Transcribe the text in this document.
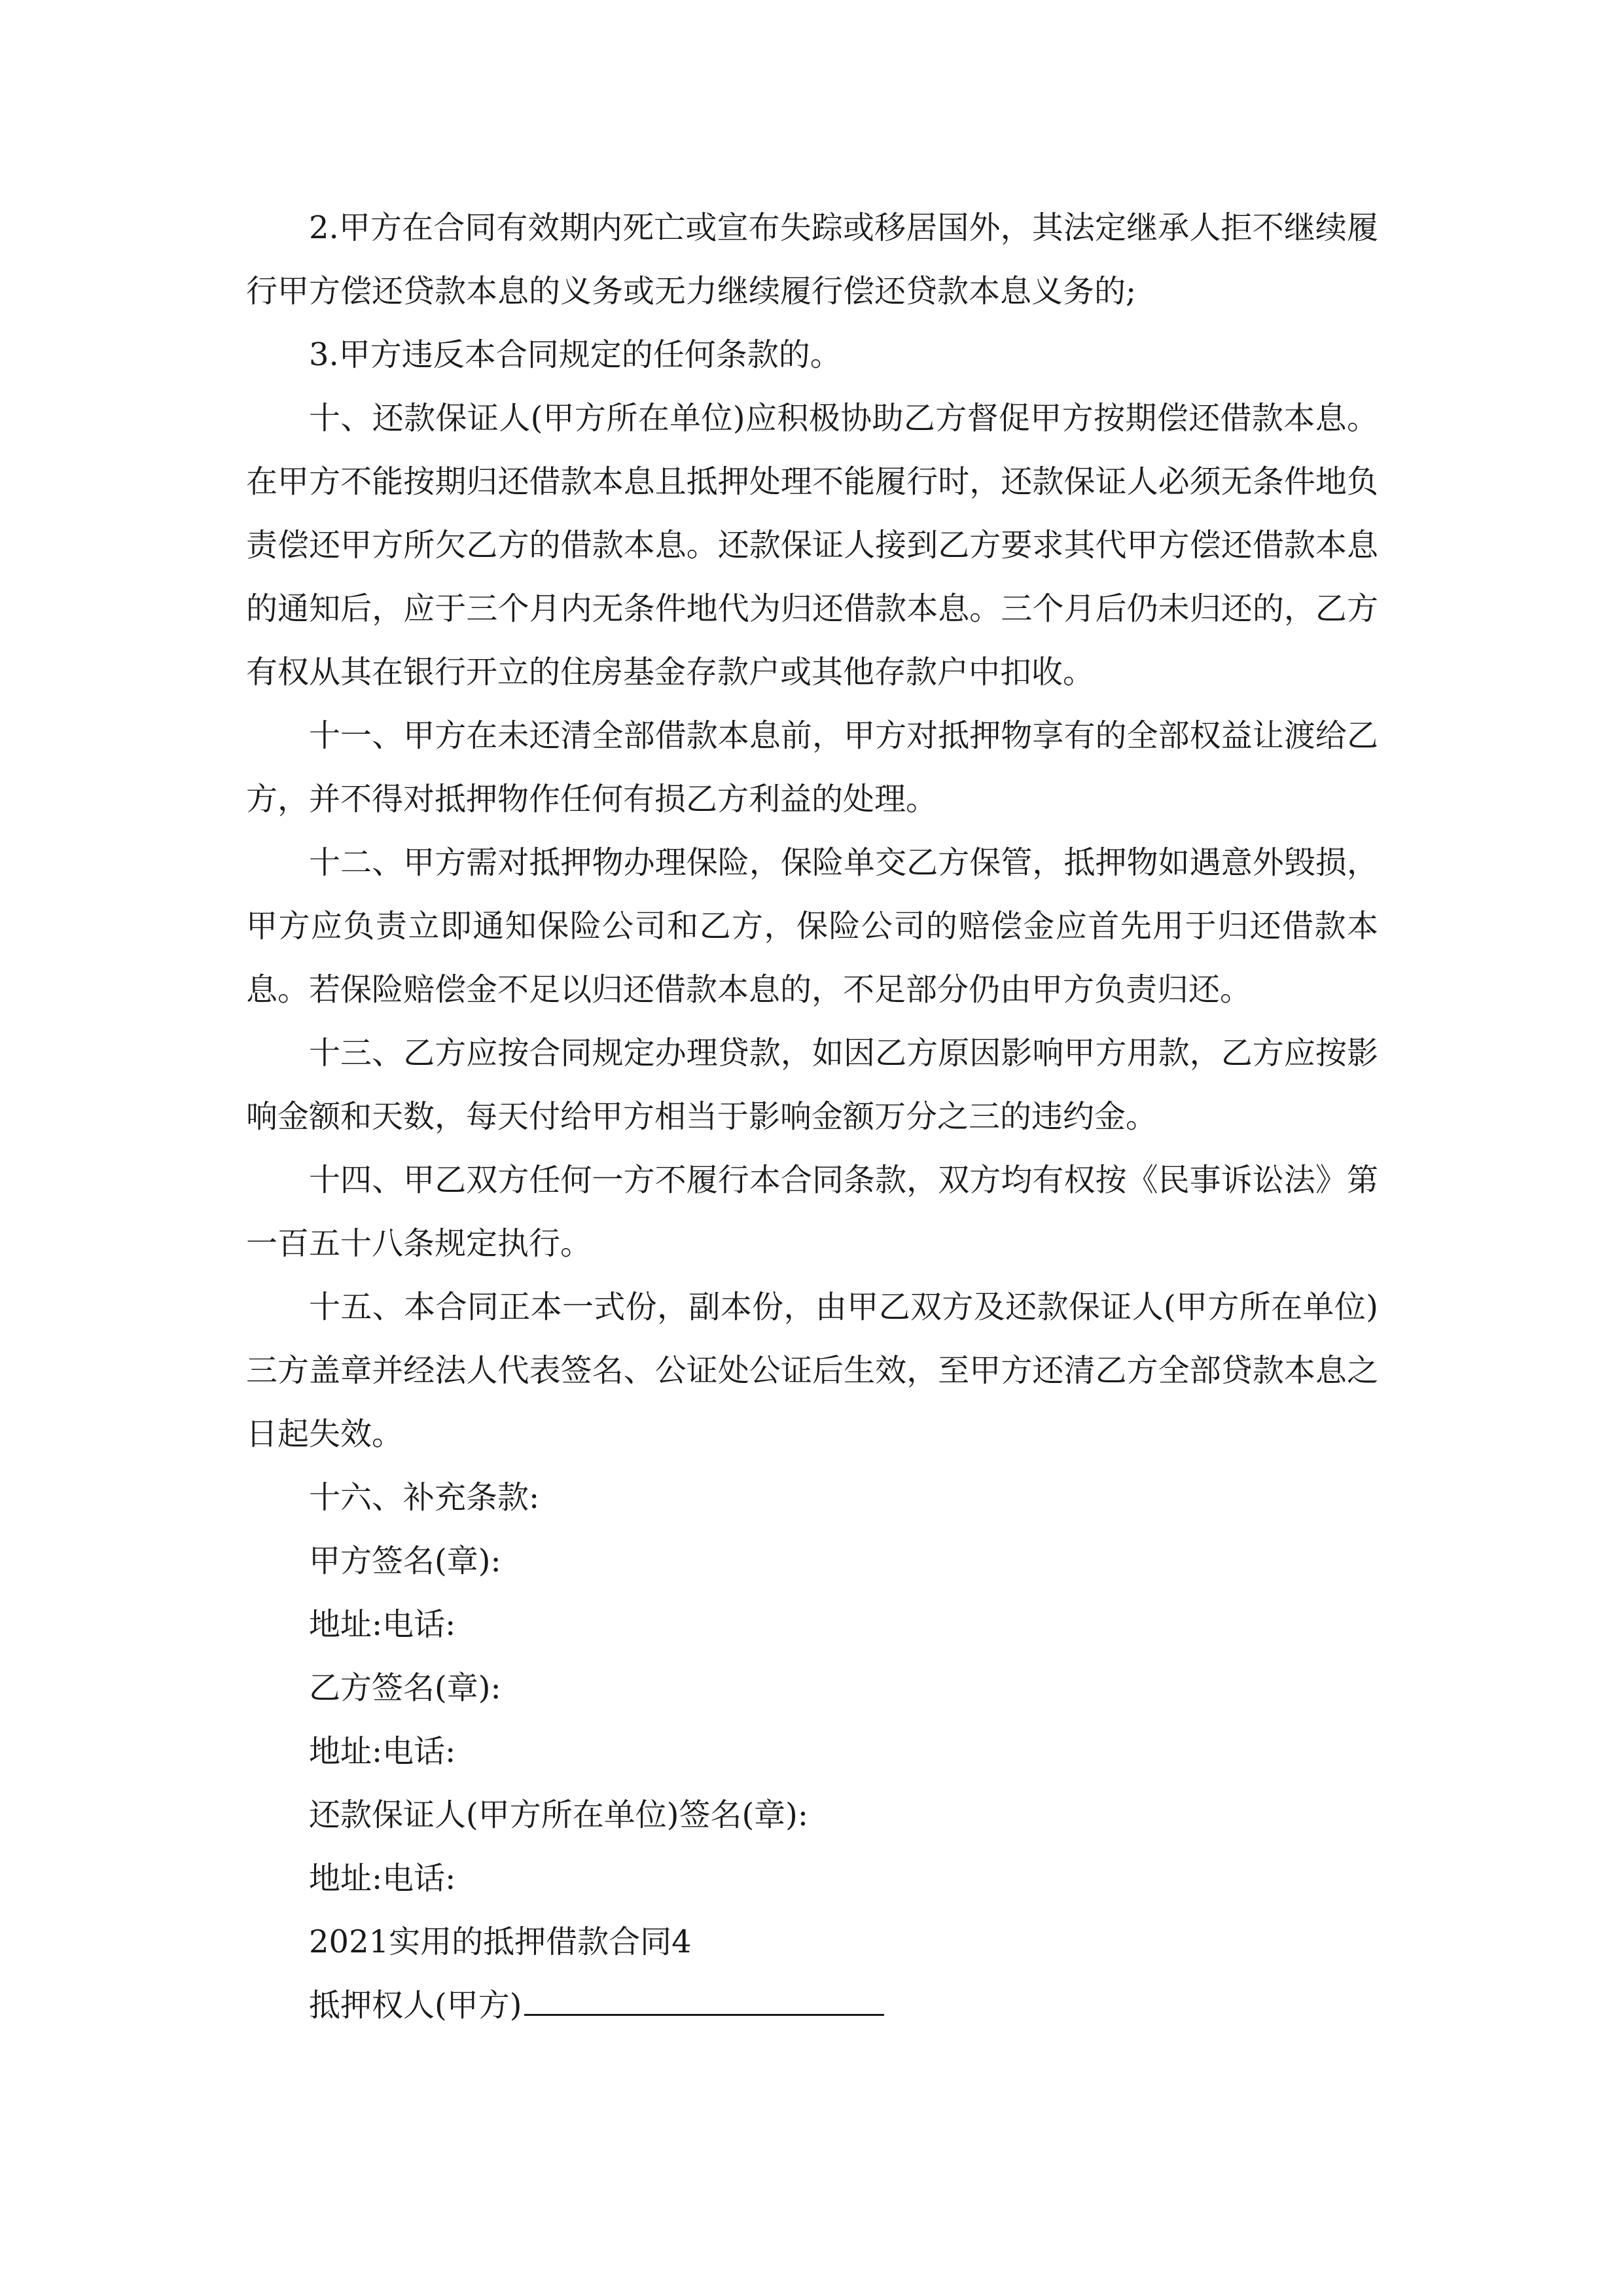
2.甲方在合同有效期内死亡或宣布失踪或移居国外，其法定继承人拒不继续履行甲方偿还贷款本息的义务或无力继续履行偿还贷款本息义务的;

3.甲方违反本合同规定的任何条款的。

十、还款保证人(甲方所在单位)应积极协助乙方督促甲方按期偿还借款本息。在甲方不能按期归还借款本息且抵押处理不能履行时，还款保证人必须无条件地负责偿还甲方所欠乙方的借款本息。还款保证人接到乙方要求其代甲方偿还借款本息的通知后，应于三个月内无条件地代为归还借款本息。三个月后仍未归还的，乙方有权从其在银行开立的住房基金存款户或其他存款户中扣收。

十一、甲方在未还清全部借款本息前，甲方对抵押物享有的全部权益让渡给乙方，并不得对抵押物作任何有损乙方利益的处理。

十二、甲方需对抵押物办理保险，保险单交乙方保管，抵押物如遇意外毁损，甲方应负责立即通知保险公司和乙方，保险公司的赔偿金应首先用于归还借款本息。若保险赔偿金不足以归还借款本息的，不足部分仍由甲方负责归还。

十三、乙方应按合同规定办理贷款，如因乙方原因影响甲方用款，乙方应按影响金额和天数，每天付给甲方相当于影响金额万分之三的违约金。

十四、甲乙双方任何一方不履行本合同条款，双方均有权按《民事诉讼法》第一百五十八条规定执行。

十五、本合同正本一式份，副本份，由甲乙双方及还款保证人(甲方所在单位)三方盖章并经法人代表签名、公证处公证后生效，至甲方还清乙方全部贷款本息之日起失效。

十六、补充条款:

甲方签名(章):

地址:电话:

乙方签名(章):

地址:电话:

还款保证人(甲方所在单位)签名(章):

地址:电话:

2021实用的抵押借款合同4

抵押权人(甲方)
